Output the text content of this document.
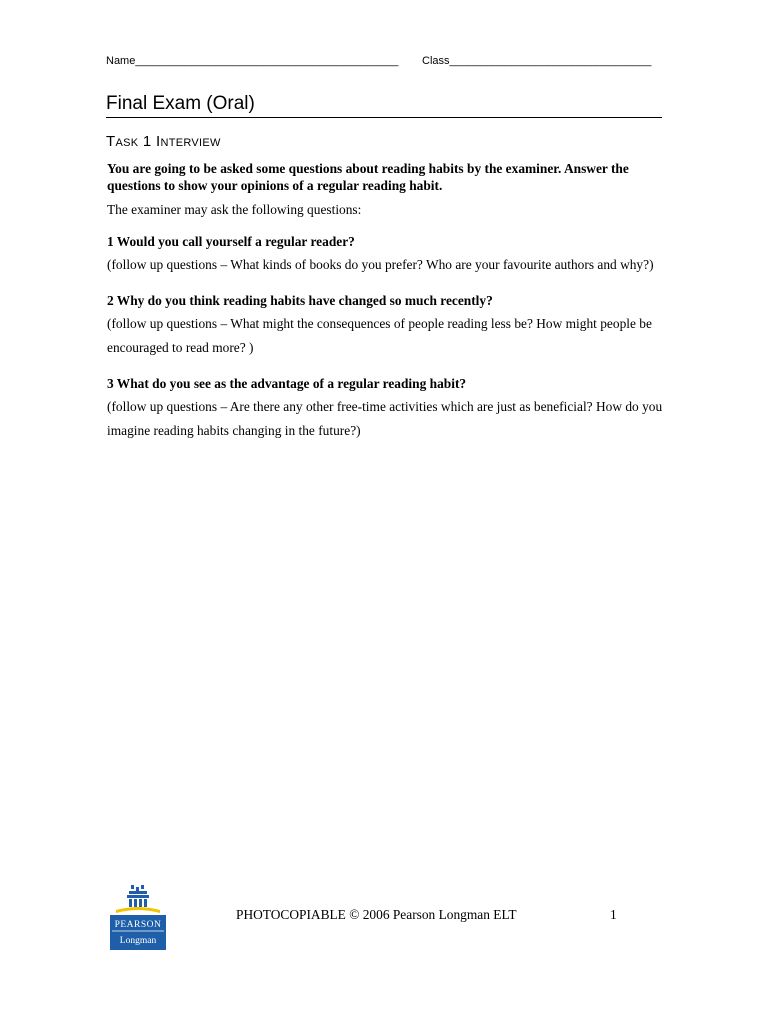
Name___________________________________________ Class_________________________________
Final Exam (Oral)
Task 1 Interview

You are going to be asked some questions about reading habits by the examiner. Answer the questions to show your opinions of a regular reading habit.

The examiner may ask the following questions:

1 Would you call yourself a regular reader?

(follow up questions – What kinds of books do you prefer? Who are your favourite authors and why?)

2 Why do you think reading habits have changed so much recently?

(follow up questions – What might the consequences of people reading less be? How might people be encouraged to read more? )

3 What do you see as the advantage of a regular reading habit?

(follow up questions – Are there any other free-time activities which are just as beneficial? How do you imagine reading habits changing in the future?)

PEARSON
Longman
PHOTOCOPIABLE © 2006 Pearson Longman ELT	1
